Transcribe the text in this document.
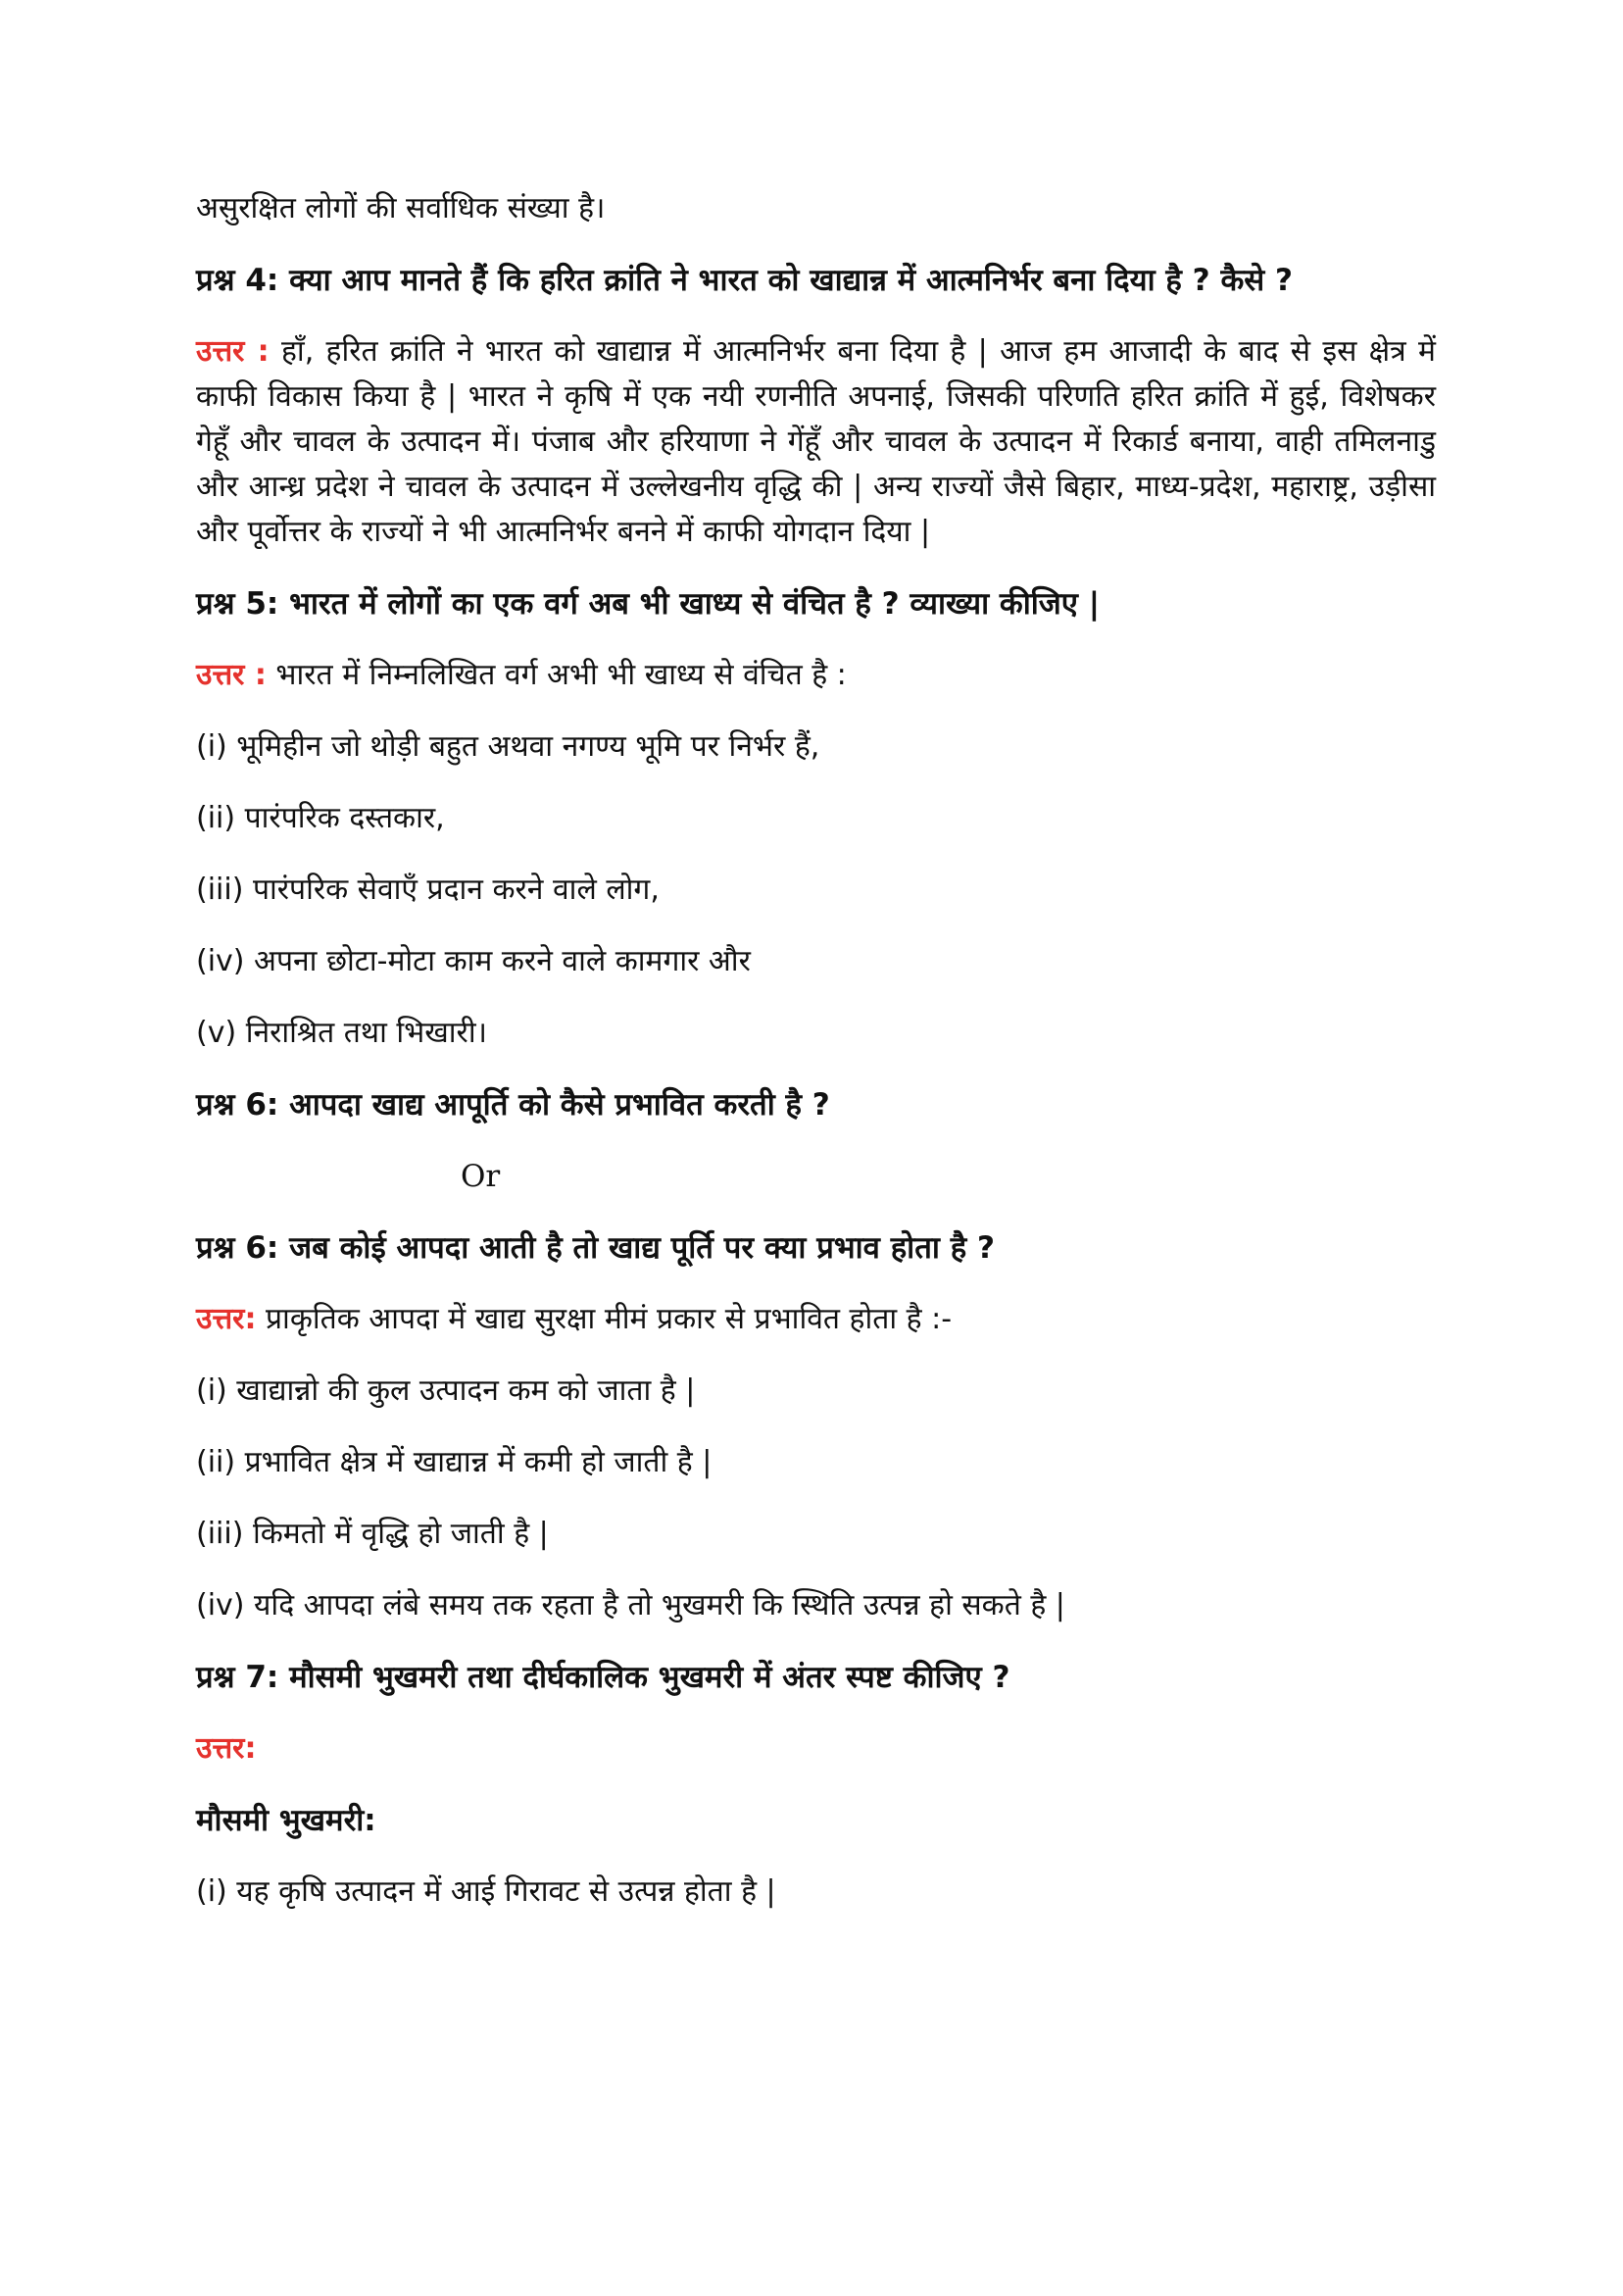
असुरक्षित लोगों की सर्वाधिक संख्या है।

प्रश्न 4: क्या आप मानते हैं कि हरित क्रांति ने भारत को खाद्यान्न में आत्मनिर्भर बना दिया है ? कैसे ?

उत्तर : हाँ, हरित क्रांति ने भारत को खाद्यान्न में आत्मनिर्भर बना दिया है | आज हम आजादी के बाद से इस क्षेत्र में काफी विकास किया है | भारत ने कृषि में एक नयी रणनीति अपनाई, जिसकी परिणति हरित क्रांति में हुई, विशेषकर गेहूँ और चावल के उत्पादन में। पंजाब और हरियाणा ने गेंहूँ और चावल के उत्पादन में रिकार्ड बनाया, वाही तमिलनाडु और आन्ध्र प्रदेश ने चावल के उत्पादन में उल्लेखनीय वृद्धि की | अन्य राज्यों जैसे बिहार, माध्य-प्रदेश, महाराष्ट्र, उड़ीसा और पूर्वोत्तर के राज्यों ने भी आत्मनिर्भर बनने में काफी योगदान दिया |

प्रश्न 5: भारत में लोगों का एक वर्ग अब भी खाध्य से वंचित है ? व्याख्या कीजिए |

उत्तर : भारत में निम्नलिखित वर्ग अभी भी खाध्य से वंचित है :

(i) भूमिहीन जो थोड़ी बहुत अथवा नगण्य भूमि पर निर्भर हैं,

(ii) पारंपरिक दस्तकार,

(iii) पारंपरिक सेवाएँ प्रदान करने वाले लोग,

(iv) अपना छोटा-मोटा काम करने वाले कामगार और

(v) निराश्रित तथा भिखारी।

प्रश्न 6: आपदा खाद्य आपूर्ति को कैसे प्रभावित करती है ?

Or

प्रश्न 6: जब कोई आपदा आती है तो खाद्य पूर्ति पर क्या प्रभाव होता है ?

उत्तर: प्राकृतिक आपदा में खाद्य सुरक्षा मीमं प्रकार से प्रभावित होता है :-

(i) खाद्यान्नो की कुल उत्पादन कम को जाता है |

(ii) प्रभावित क्षेत्र में खाद्यान्न में कमी हो जाती है |

(iii) किमतो में वृद्धि हो जाती है |

(iv) यदि आपदा लंबे समय तक रहता है तो भुखमरी कि स्थिति उत्पन्न हो सकते है |

प्रश्न 7: मौसमी भुखमरी तथा दीर्घकालिक भुखमरी में अंतर स्पष्ट कीजिए ?

उत्तर:

मौसमी भुखमरी:

(i) यह कृषि उत्पादन में आई गिरावट से उत्पन्न होता है |
